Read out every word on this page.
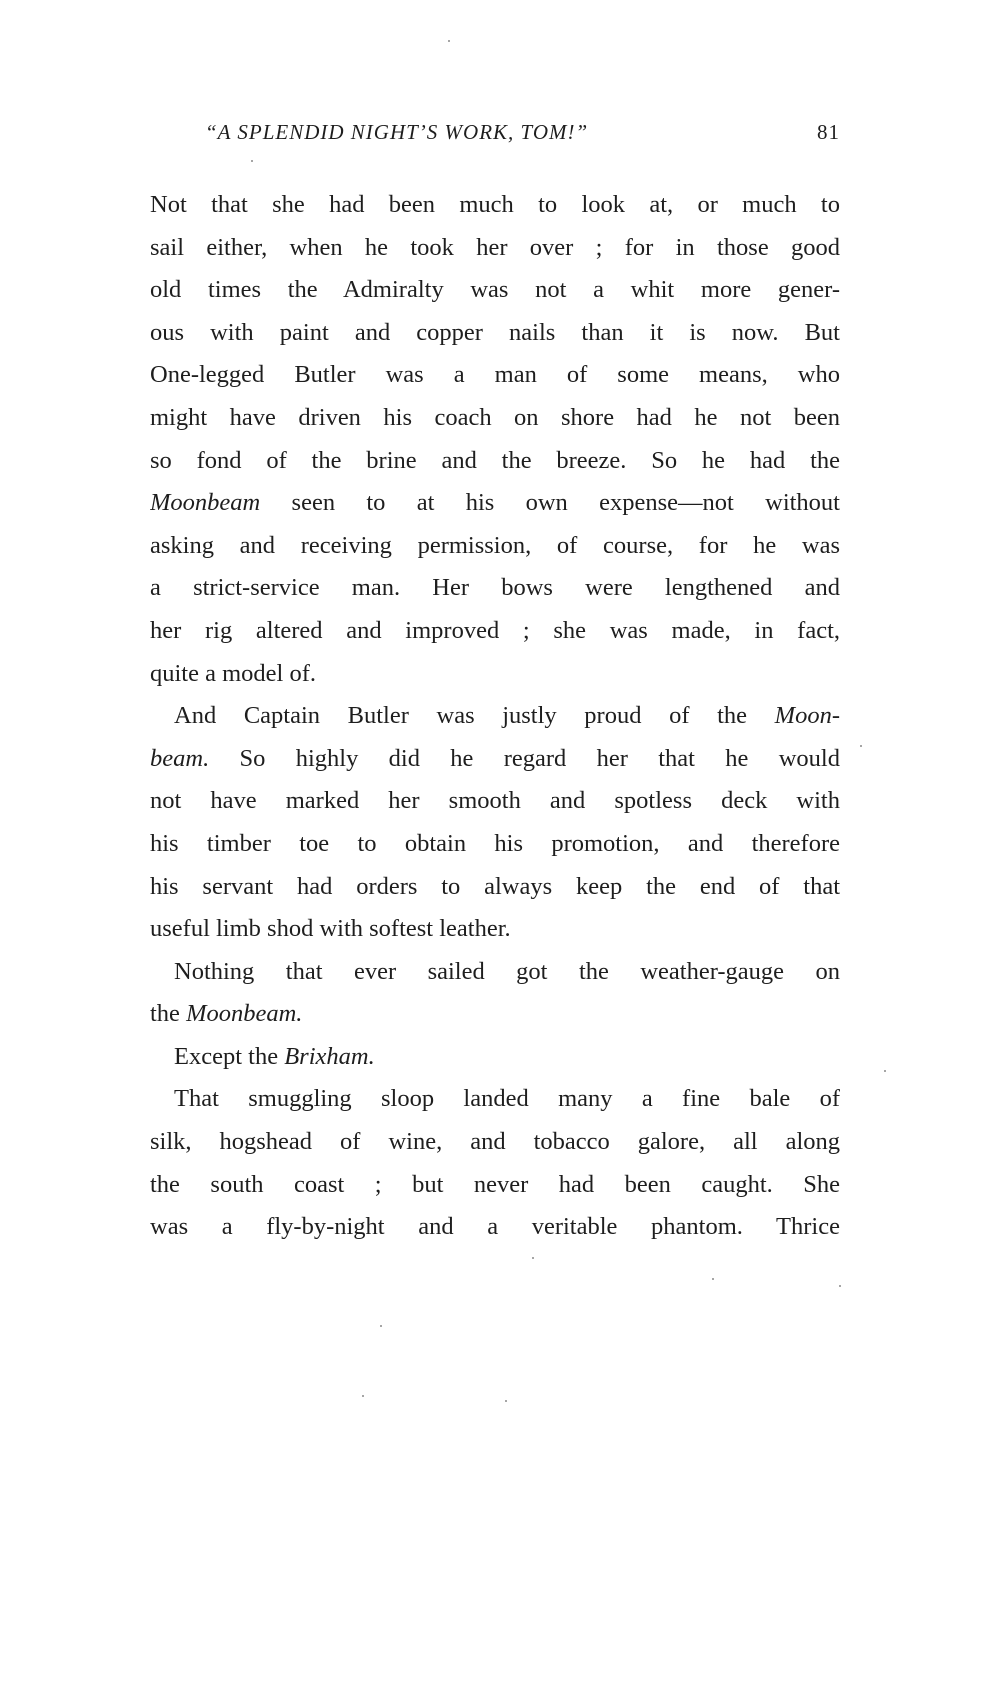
“A SPLENDID NIGHT’S WORK, TOM!”	81
Not that she had been much to look at, or much to
sail either, when he took her over ; for in those good
old times the Admiralty was not a whit more gener-
ous with paint and copper nails than it is now. But
One-legged Butler was a man of some means, who
might have driven his coach on shore had he not been
so fond of the brine and the breeze. So he had the
Moonbeam seen to at his own expense—not without
asking and receiving permission, of course, for he was
a strict-service man. Her bows were lengthened and
her rig altered and improved ; she was made, in fact,
quite a model of.
And Captain Butler was justly proud of the Moon-
beam. So highly did he regard her that he would
not have marked her smooth and spotless deck with
his timber toe to obtain his promotion, and therefore
his servant had orders to always keep the end of that
useful limb shod with softest leather.
Nothing that ever sailed got the weather-gauge on
the Moonbeam.
Except the Brixham.
That smuggling sloop landed many a fine bale of
silk, hogshead of wine, and tobacco galore, all along
the south coast ; but never had been caught. She
was a fly-by-night and a veritable phantom. Thrice
